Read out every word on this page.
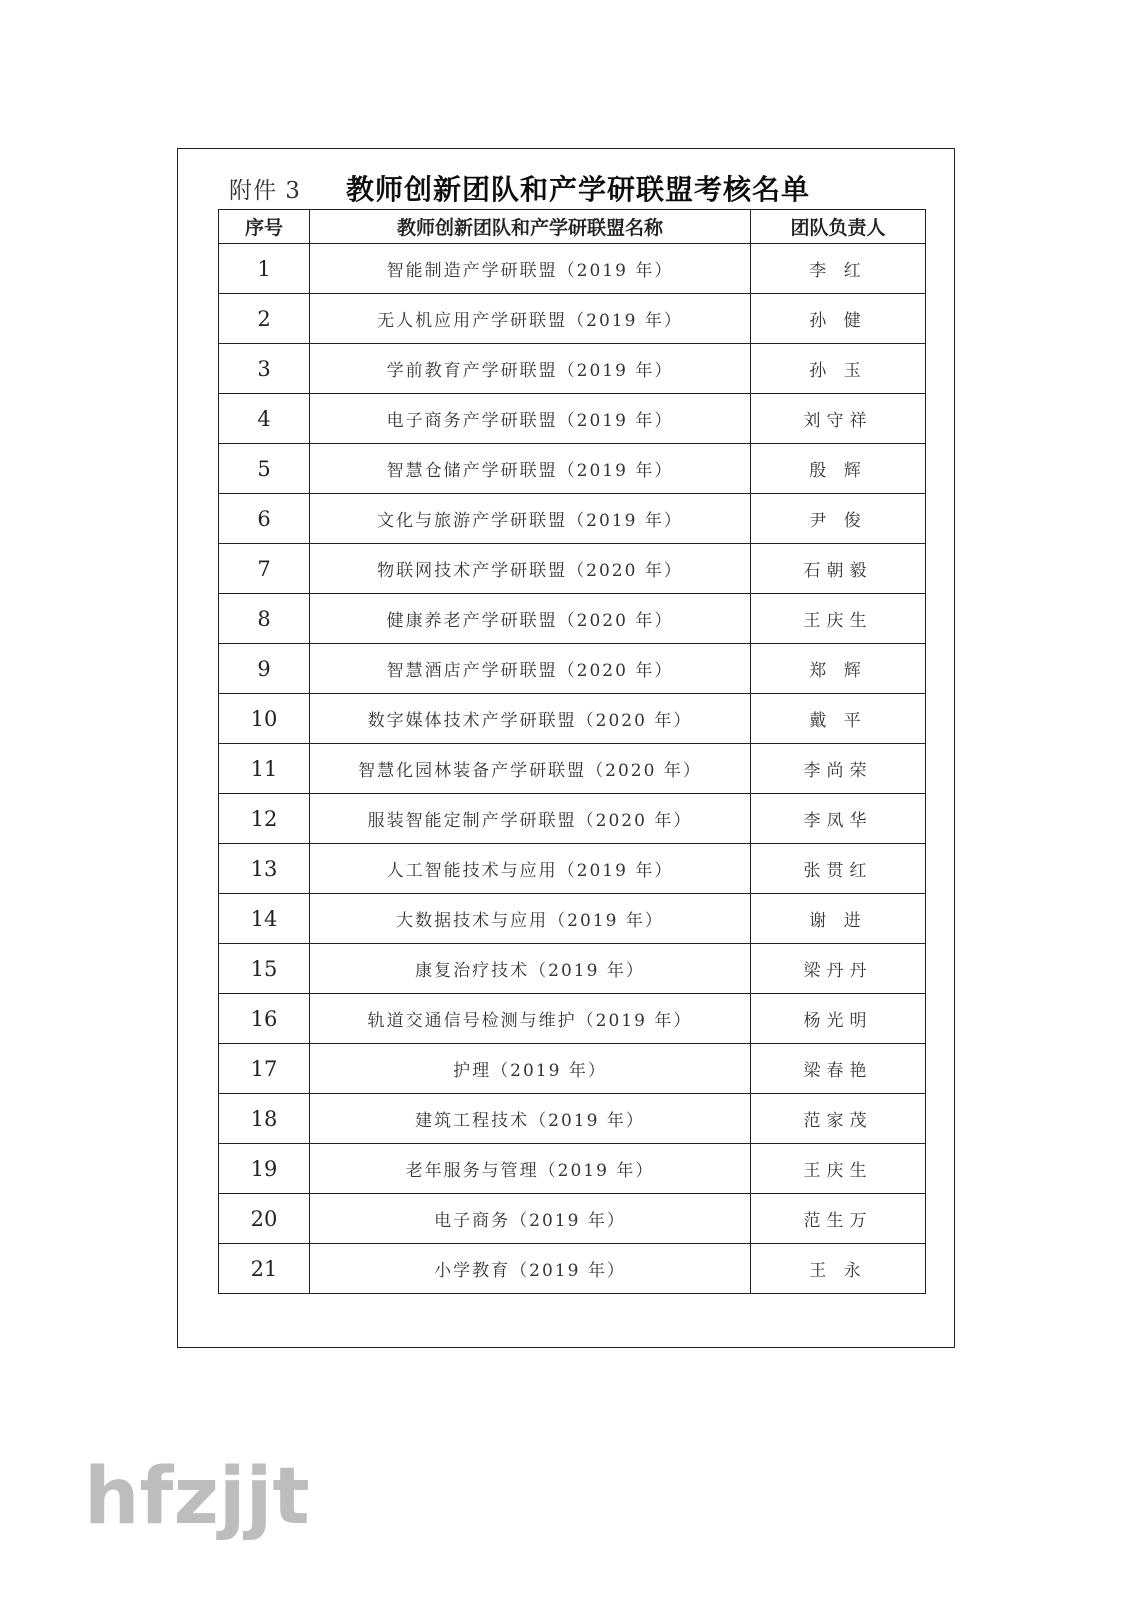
附件 3 教师创新团队和产学研联盟考核名单
序号	教师创新团队和产学研联盟名称	团队负责人
1	智能制造产学研联盟（2019 年）	李 红
2	无人机应用产学研联盟（2019 年）	孙 健
3	学前教育产学研联盟（2019 年）	孙 玉
4	电子商务产学研联盟（2019 年）	刘守祥
5	智慧仓储产学研联盟（2019 年）	殷 辉
6	文化与旅游产学研联盟（2019 年）	尹 俊
7	物联网技术产学研联盟（2020 年）	石朝毅
8	健康养老产学研联盟（2020 年）	王庆生
9	智慧酒店产学研联盟（2020 年）	郑 辉
10	数字媒体技术产学研联盟（2020 年）	戴 平
11	智慧化园林装备产学研联盟（2020 年）	李尚荣
12	服装智能定制产学研联盟（2020 年）	李凤华
13	人工智能技术与应用（2019 年）	张贯红
14	大数据技术与应用（2019 年）	谢 进
15	康复治疗技术（2019 年）	梁丹丹
16	轨道交通信号检测与维护（2019 年）	杨光明
17	护理（2019 年）	梁春艳
18	建筑工程技术（2019 年）	范家茂
19	老年服务与管理（2019 年）	王庆生
20	电子商务（2019 年）	范生万
21	小学教育（2019 年）	王 永
hfzjjt
